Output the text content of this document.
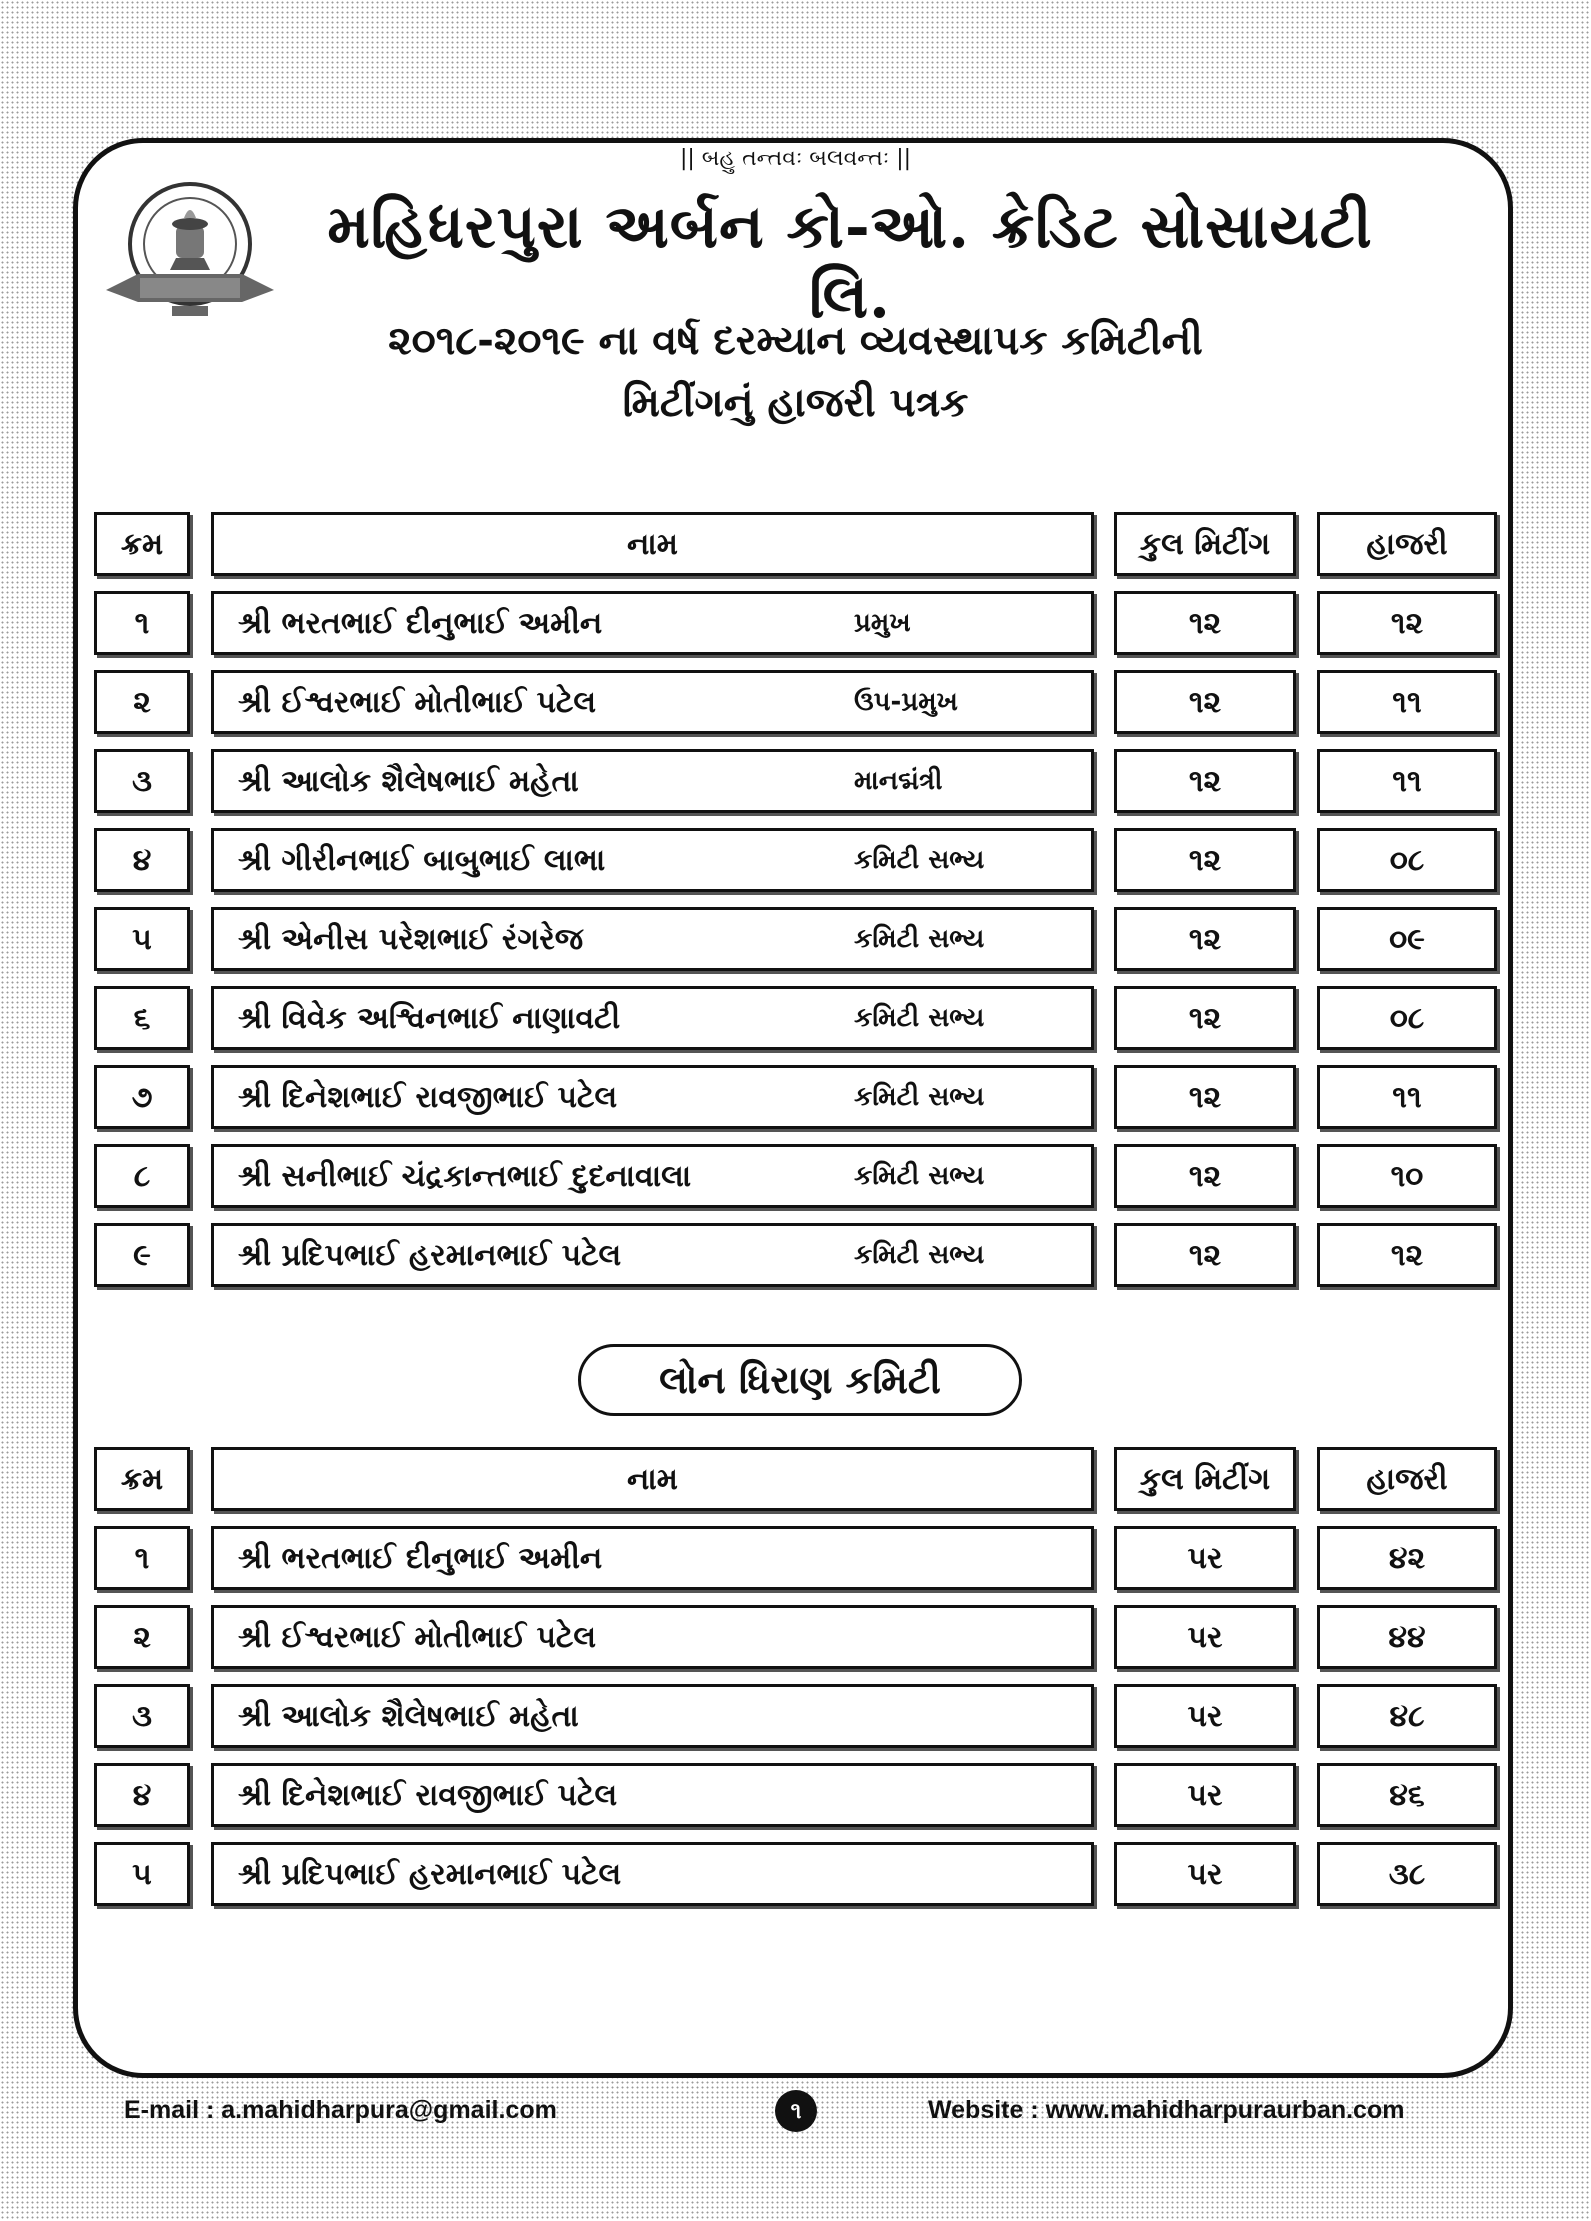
|| બહુ તન્તવઃ બલવન્તઃ ||
મહિધરપુરા અર્બન કો-ઓ. ક્રેડિટ સોસાયટી લિ.
૨૦૧૮-૨૦૧૯ ના વર્ષ દરમ્યાન વ્યવસ્થાપક કમિટીની
મિટીંગનું હાજરી પત્રક
ક્રમ	નામ	કુલ મિટીંગ	હાજરી
૧	શ્રી ભરતભાઈ દીનુભાઈ અમીન	પ્રમુખ	૧૨	૧૨
૨	શ્રી ઈશ્વરભાઈ મોતીભાઈ પટેલ	ઉપ-પ્રમુખ	૧૨	૧૧
૩	શ્રી આલોક શૈલેષભાઈ મહેતા	માનદ્મંત્રી	૧૨	૧૧
૪	શ્રી ગીરીનભાઈ બાબુભાઈ લાભા	કમિટી સભ્ય	૧૨	૦૮
૫	શ્રી એનીસ પરેશભાઈ રંગરેજ	કમિટી સભ્ય	૧૨	૦૯
૬	શ્રી વિવેક અશ્વિનભાઈ નાણાવટી	કમિટી સભ્ય	૧૨	૦૮
૭	શ્રી દિનેશભાઈ રાવજીભાઈ પટેલ	કમિટી સભ્ય	૧૨	૧૧
૮	શ્રી સનીભાઈ ચંદ્રકાન્તભાઈ દુદનાવાલા	કમિટી સભ્ય	૧૨	૧૦
૯	શ્રી પ્રદિપભાઈ હરમાનભાઈ પટેલ	કમિટી સભ્ય	૧૨	૧૨
લોન ધિરાણ કમિટી
ક્રમ	નામ	કુલ મિટીંગ	હાજરી
૧	શ્રી ભરતભાઈ દીનુભાઈ અમીન	પર	૪૨
૨	શ્રી ઈશ્વરભાઈ મોતીભાઈ પટેલ	પર	૪૪
૩	શ્રી આલોક શૈલેષભાઈ મહેતા	પર	૪૮
૪	શ્રી દિનેશભાઈ રાવજીભાઈ પટેલ	પર	૪૬
૫	શ્રી પ્રદિપભાઈ હરમાનભાઈ પટેલ	પર	૩૮
E-mail : a.mahidharpura@gmail.com	૧	Website : www.mahidharpuraurban.com
